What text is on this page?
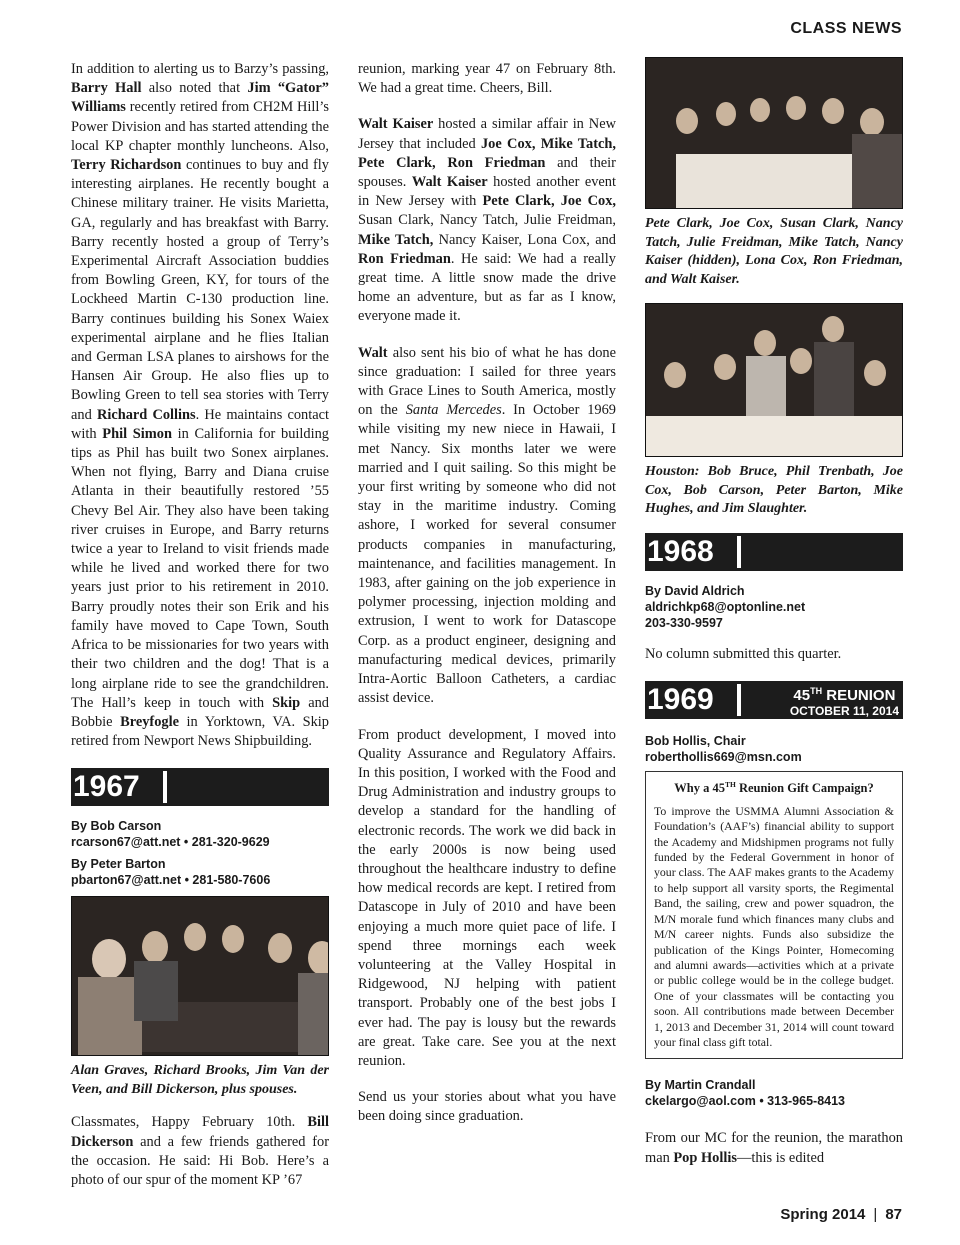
CLASS NEWS

In addition to alerting us to Barzy’s passing, Barry Hall also noted that Jim “Gator” Williams recently retired from CH2M Hill’s Power Division and has started attending the local KP chapter monthly luncheons. Also, Terry Richardson continues to buy and fly interesting airplanes. He recently bought a Chinese military trainer. He visits Marietta, GA, regularly and has breakfast with Barry. Barry recently hosted a group of Terry’s Experimental Aircraft Association buddies from Bowling Green, KY, for tours of the Lockheed Martin C-130 production line. Barry continues building his Sonex Waiex experimental airplane and he flies Italian and German LSA planes to airshows for the Hansen Air Group. He also flies up to Bowling Green to tell sea stories with Terry and Richard Collins. He maintains contact with Phil Simon in California for building tips as Phil has built two Sonex airplanes. When not flying, Barry and Diana cruise Atlanta in their beautifully restored ’55 Chevy Bel Air. They also have been taking river cruises in Europe, and Barry returns twice a year to Ireland to visit friends made while he lived and worked there for two years just prior to his retirement in 2010. Barry proudly notes their son Erik and his family have moved to Cape Town, South Africa to be missionaries for two years with their two children and the dog! That is a long airplane ride to see the grandchildren. The Hall’s keep in touch with Skip and Bobbie Breyfogle in Yorktown, VA. Skip retired from Newport News Shipbuilding.

1967
By Bob Carson
rcarson67@att.net • 281-320-9629
By Peter Barton
pbarton67@att.net • 281-580-7606
Alan Graves, Richard Brooks, Jim Van der Veen, and Bill Dickerson, plus spouses.

Classmates, Happy February 10th. Bill Dickerson and a few friends gathered for the occasion. He said: Hi Bob. Here’s a photo of our spur of the moment KP ’67

reunion, marking year 47 on February 8th. We had a great time. Cheers, Bill.

Walt Kaiser hosted a similar affair in New Jersey that included Joe Cox, Mike Tatch, Pete Clark, Ron Friedman and their spouses. Walt Kaiser hosted another event in New Jersey with Pete Clark, Joe Cox, Susan Clark, Nancy Tatch, Julie Freidman, Mike Tatch, Nancy Kaiser, Lona Cox, and Ron Friedman. He said: We had a really great time. A little snow made the drive home an adventure, but as far as I know, everyone made it.

Walt also sent his bio of what he has done since graduation: I sailed for three years with Grace Lines to South America, mostly on the Santa Mercedes. In October 1969 while visiting my new niece in Hawaii, I met Nancy. Six months later we were married and I quit sailing. So this might be your first writing by someone who did not stay in the maritime industry. Coming ashore, I worked for several consumer products companies in manufacturing, maintenance, and facilities management. In 1983, after gaining on the job experience in polymer processing, injection molding and extrusion, I went to work for Datascope Corp. as a product engineer, designing and manufacturing medical devices, primarily Intra-Aortic Balloon Catheters, a cardiac assist device.

From product development, I moved into Quality Assurance and Regulatory Affairs. In this position, I worked with the Food and Drug Administration and industry groups to develop a standard for the handling of electronic records. The work we did back in the early 2000s is now being used throughout the healthcare industry to define how medical records are kept. I retired from Datascope in July of 2010 and have been enjoying a much more quiet pace of life. I spend three mornings each week volunteering at the Valley Hospital in Ridgewood, NJ helping with patient transport. Probably one of the best jobs I ever had. The pay is lousy but the rewards are great. Take care. See you at the next reunion.

Send us your stories about what you have been doing since graduation.

Pete Clark, Joe Cox, Susan Clark, Nancy Tatch, Julie Freidman, Mike Tatch, Nancy Kaiser (hidden), Lona Cox, Ron Friedman, and Walt Kaiser.
Houston: Bob Bruce, Phil Trenbath, Joe Cox, Bob Carson, Peter Barton, Mike Hughes, and Jim Slaughter.
1968
By David Aldrich
aldrichkp68@optonline.net
203-330-9597

No column submitted this quarter.

1969	45TH REUNION
OCTOBER 11, 2014
Bob Hollis, Chair
roberthollis669@msn.com
Why a 45TH Reunion Gift Campaign?
To improve the USMMA Alumni Association & Foundation’s (AAF’s) financial ability to support the Academy and Midshipmen programs not fully funded by the Federal Government in honor of your class. The AAF makes grants to the Academy to help support all varsity sports, the Regimental Band, the sailing, crew and power squadron, the M/N morale fund which finances many clubs and M/N career nights. Funds also subsidize the publication of the Kings Pointer, Homecoming and alumni awards—activities which at a private or public college would be in the college budget. One of your classmates will be contacting you soon. All contributions made between December 1, 2013 and December 31, 2014 will count toward your final class gift total.
By Martin Crandall
ckelargo@aol.com • 313-965-8413

From our MC for the reunion, the marathon man Pop Hollis—this is edited

Spring 2014 | 87
